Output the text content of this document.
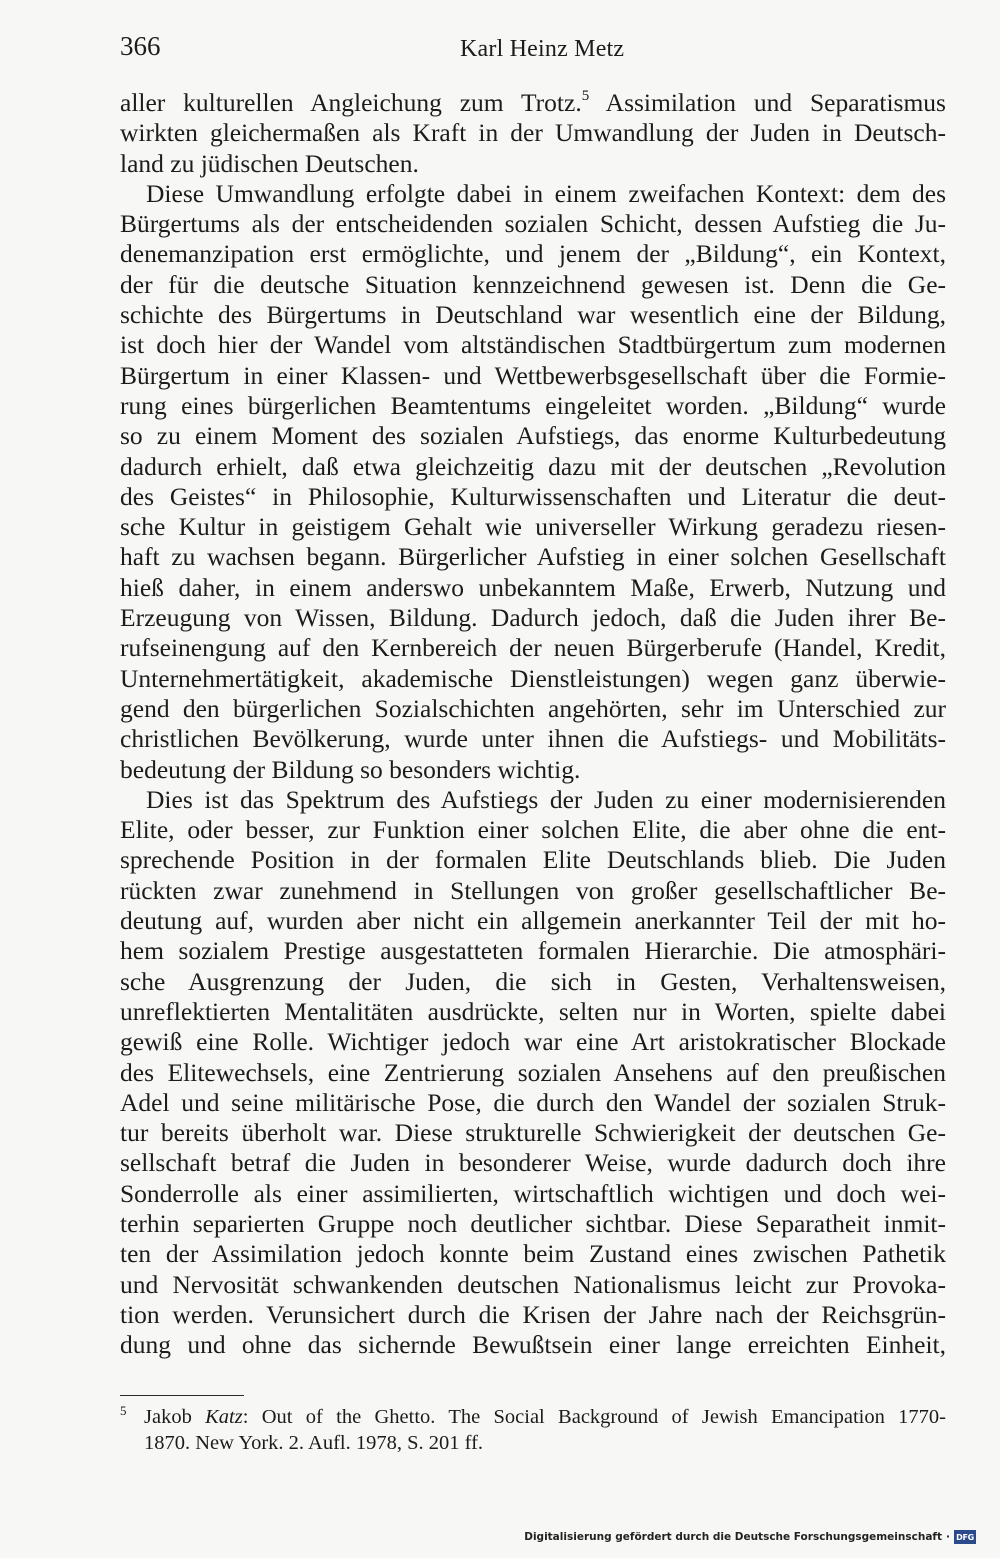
366	Karl Heinz Metz
aller kulturellen Angleichung zum Trotz.$^5$ Assimilation und Separatismus
wirkten gleichermaßen als Kraft in der Umwandlung der Juden in Deutsch-
land zu jüdischen Deutschen.
Diese Umwandlung erfolgte dabei in einem zweifachen Kontext: dem des
Bürgertums als der entscheidenden sozialen Schicht, dessen Aufstieg die Ju-
denemanzipation erst ermöglichte, und jenem der „Bildung“, ein Kontext,
der für die deutsche Situation kennzeichnend gewesen ist. Denn die Ge-
schichte des Bürgertums in Deutschland war wesentlich eine der Bildung,
ist doch hier der Wandel vom altständischen Stadtbürgertum zum modernen
Bürgertum in einer Klassen- und Wettbewerbsgesellschaft über die Formie-
rung eines bürgerlichen Beamtentums eingeleitet worden. „Bildung“ wurde
so zu einem Moment des sozialen Aufstiegs, das enorme Kulturbedeutung
dadurch erhielt, daß etwa gleichzeitig dazu mit der deutschen „Revolution
des Geistes“ in Philosophie, Kulturwissenschaften und Literatur die deut-
sche Kultur in geistigem Gehalt wie universeller Wirkung geradezu riesen-
haft zu wachsen begann. Bürgerlicher Aufstieg in einer solchen Gesellschaft
hieß daher, in einem anderswo unbekanntem Maße, Erwerb, Nutzung und
Erzeugung von Wissen, Bildung. Dadurch jedoch, daß die Juden ihrer Be-
rufseinengung auf den Kernbereich der neuen Bürgerberufe (Handel, Kredit,
Unternehmertätigkeit, akademische Dienstleistungen) wegen ganz überwie-
gend den bürgerlichen Sozialschichten angehörten, sehr im Unterschied zur
christlichen Bevölkerung, wurde unter ihnen die Aufstiegs- und Mobilitäts-
bedeutung der Bildung so besonders wichtig.
Dies ist das Spektrum des Aufstiegs der Juden zu einer modernisierenden
Elite, oder besser, zur Funktion einer solchen Elite, die aber ohne die ent-
sprechende Position in der formalen Elite Deutschlands blieb. Die Juden
rückten zwar zunehmend in Stellungen von großer gesellschaftlicher Be-
deutung auf, wurden aber nicht ein allgemein anerkannter Teil der mit ho-
hem sozialem Prestige ausgestatteten formalen Hierarchie. Die atmosphäri-
sche Ausgrenzung der Juden, die sich in Gesten, Verhaltensweisen,
unreflektierten Mentalitäten ausdrückte, selten nur in Worten, spielte dabei
gewiß eine Rolle. Wichtiger jedoch war eine Art aristokratischer Blockade
des Elitewechsels, eine Zentrierung sozialen Ansehens auf den preußischen
Adel und seine militärische Pose, die durch den Wandel der sozialen Struk-
tur bereits überholt war. Diese strukturelle Schwierigkeit der deutschen Ge-
sellschaft betraf die Juden in besonderer Weise, wurde dadurch doch ihre
Sonderrolle als einer assimilierten, wirtschaftlich wichtigen und doch wei-
terhin separierten Gruppe noch deutlicher sichtbar. Diese Separatheit inmit-
ten der Assimilation jedoch konnte beim Zustand eines zwischen Pathetik
und Nervosität schwankenden deutschen Nationalismus leicht zur Provoka-
tion werden. Verunsichert durch die Krisen der Jahre nach der Reichsgrün-
dung und ohne das sichernde Bewußtsein einer lange erreichten Einheit,
5 Jakob Katz: Out of the Ghetto. The Social Background of Jewish Emancipation 1770-
1870. New York. 2. Aufl. 1978, S. 201 ff.
Digitalisierung gefördert durch die Deutsche Forschungsgemeinschaft · DFG
